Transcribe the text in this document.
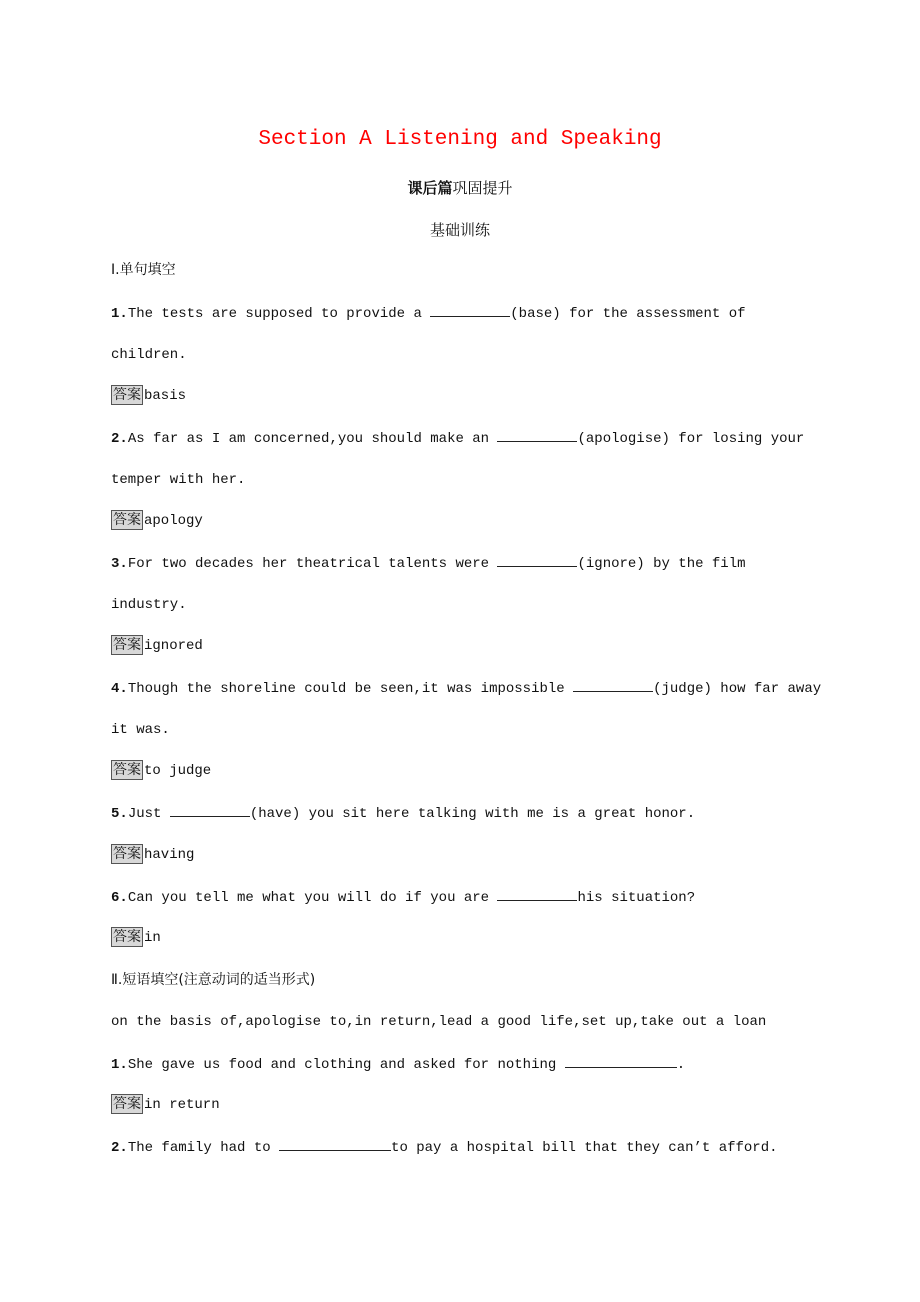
Section A Listening and Speaking
课后篇巩固提升
基础训练
Ⅰ.单句填空
1.The tests are supposed to provide a	(base) for the assessment of
children.
答案 basis
2.As far as I am concerned,you should make an	(apologise) for losing your
temper with her.
答案 apology
3.For two decades her theatrical talents were	(ignore) by the film
industry.
答案 ignored
4.Though the shoreline could be seen,it was impossible	(judge) how far away
it was.
答案 to judge
5.Just	(have) you sit here talking with me is a great honor.
答案 having
6.Can you tell me what you will do if you are	his situation?
答案 in
Ⅱ.短语填空(注意动词的适当形式)
on the basis of,apologise to,in return,lead a good life,set up,take out a loan
1.She gave us food and clothing and asked for nothing	.
答案 in return
2.The family had to	to pay a hospital bill that they can’t afford.
